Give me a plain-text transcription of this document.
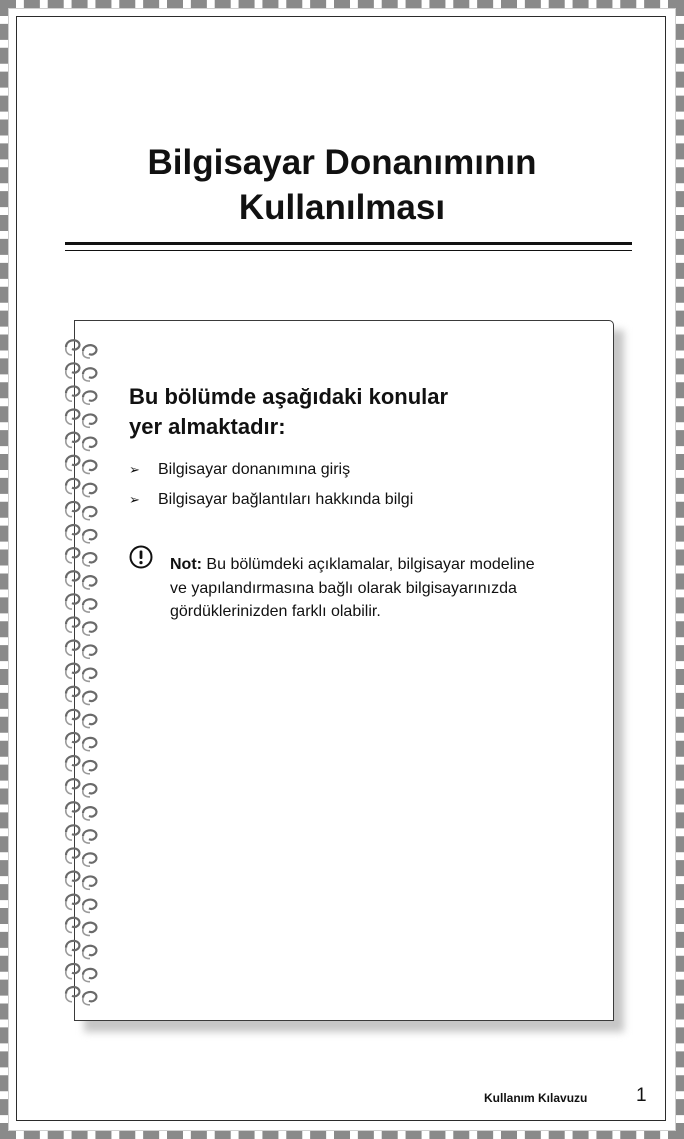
Bilgisayar Donanımının
Kullanılması
Bu bölümde aşağıdaki konular
yer almaktadır:
➢	Bilgisayar donanımına giriş
➢	Bilgisayar bağlantıları hakkında bilgi
Not: Bu bölümdeki açıklamalar, bilgisayar modeline ve yapılandırmasına bağlı olarak bilgisayarınızda gördüklerinizden farklı olabilir.
Kullanım Kılavuzu	1
